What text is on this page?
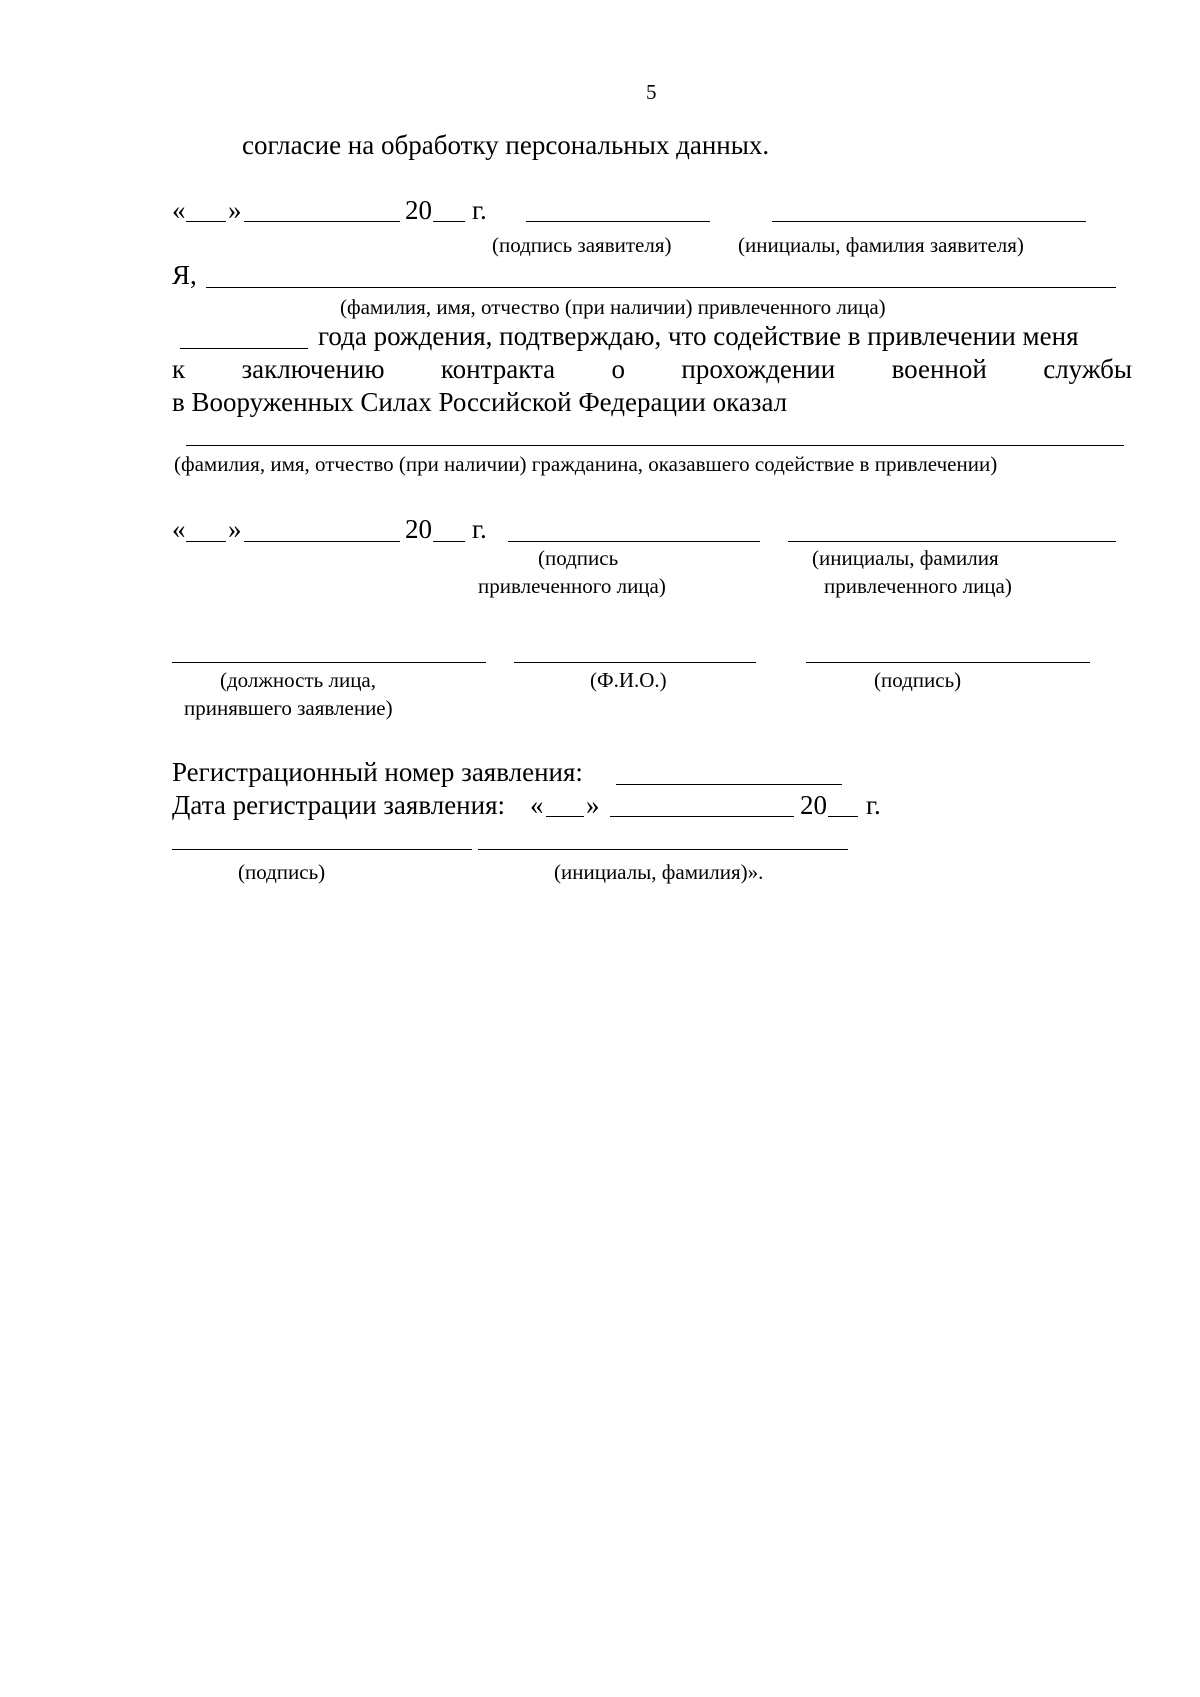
5
согласие на обработку персональных данных.
« »	20 г.
(подпись заявителя)	(инициалы, фамилия заявителя)
Я,
(фамилия, имя, отчество (при наличии) привлеченного лица)
года рождения, подтверждаю, что содействие в привлечении меня
к заключению контракта о прохождении военной службы
в Вооруженных Силах Российской Федерации оказал
(фамилия, имя, отчество (при наличии) гражданина, оказавшего содействие в привлечении)
« »	20 г.
(подпись
привлеченного лица)
(инициалы, фамилия
привлеченного лица)
(должность лица,
принявшего заявление)
(Ф.И.О.)	(подпись)
Регистрационный номер заявления:
Дата регистрации заявления: « »	20 г.
(подпись)	(инициалы, фамилия)».
